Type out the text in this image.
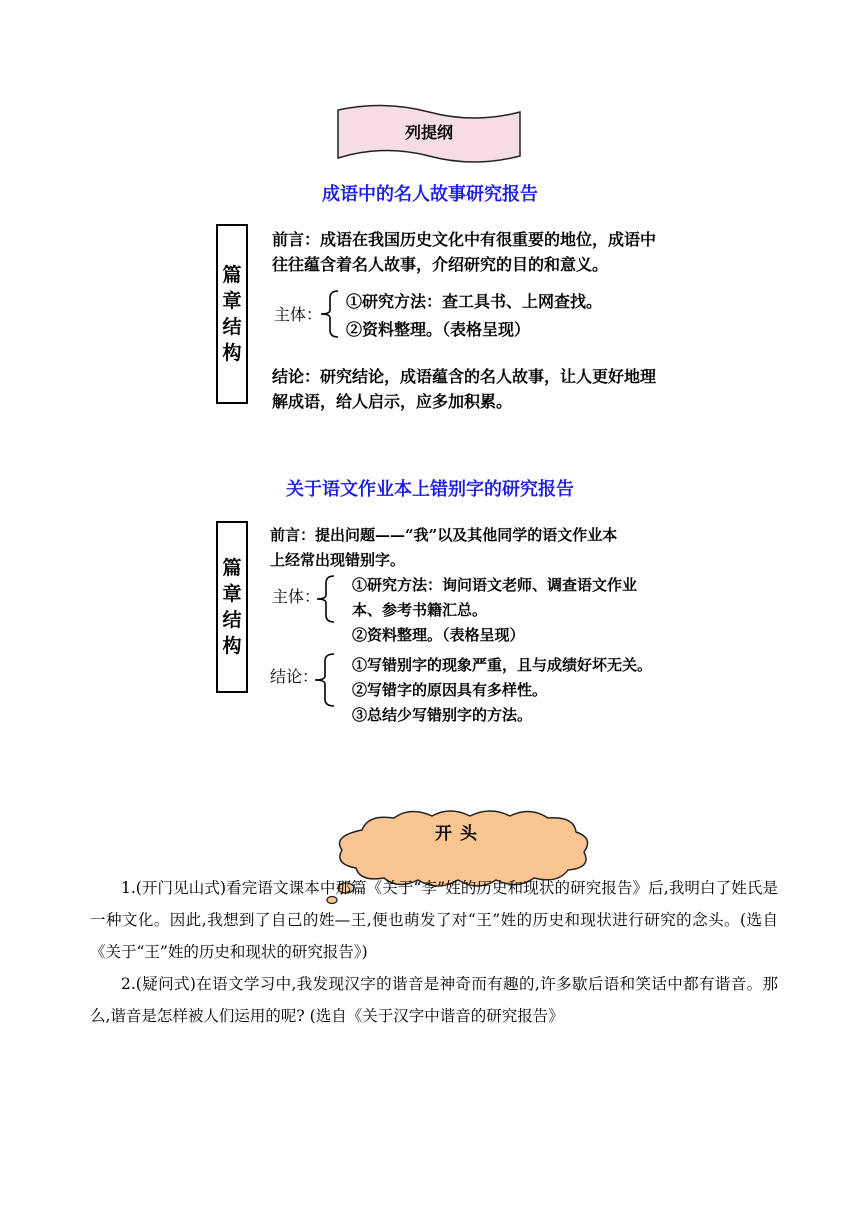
列提纲
成语中的名人故事研究报告
篇
章
结
构
前言：成语在我国历史文化中有很重要的地位，成语中
往往蕴含着名人故事，介绍研究的目的和意义。
主体：
①研究方法：查工具书、上网查找。
②资料整理。（表格呈现）
结论：研究结论，成语蕴含的名人故事，让人更好地理
解成语，给人启示，应多加积累。
关于语文作业本上错别字的研究报告
篇
章
结
构
前言：提出问题——“我”以及其他同学的语文作业本
上经常出现错别字。
主体：
①研究方法：询问语文老师、调查语文作业
本、参考书籍汇总。
②资料整理。（表格呈现）
结论：
①写错别字的现象严重，且与成绩好坏无关。
②写错字的原因具有多样性。
③总结少写错别字的方法。
开头
1.(开门见山式)看完语文课本中那篇《关于“李”姓的历史和现状的研究报告》后,我明白了姓氏是一种文化。因此,我想到了自己的姓—王,便也萌发了对“王”姓的历史和现状进行研究的念头。(选自《关于“王”姓的历史和现状的研究报告》)
2.(疑问式)在语文学习中,我发现汉字的谐音是神奇而有趣的,许多歇后语和笑话中都有谐音。那么,谐音是怎样被人们运用的呢? (选自《关于汉字中谐音的研究报告》
